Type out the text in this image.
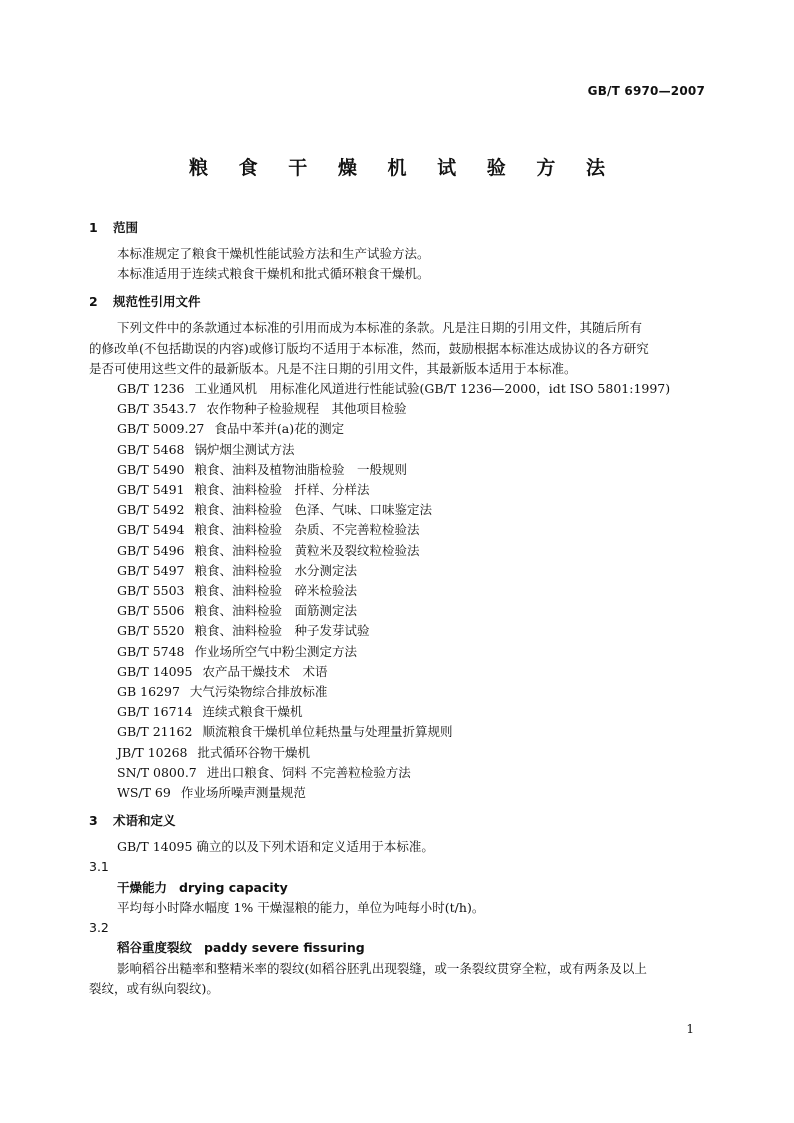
GB/T 6970—2007
粮 食 干 燥 机 试 验 方 法
1 范围
本标准规定了粮食干燥机性能试验方法和生产试验方法。
本标准适用于连续式粮食干燥机和批式循环粮食干燥机。
2 规范性引用文件
下列文件中的条款通过本标准的引用而成为本标准的条款。凡是注日期的引用文件，其随后所有
的修改单(不包括勘误的内容)或修订版均不适用于本标准，然而，鼓励根据本标准达成协议的各方研究
是否可使用这些文件的最新版本。凡是不注日期的引用文件，其最新版本适用于本标准。
GB/T 1236 工业通风机　用标准化风道进行性能试验(GB/T 1236—2000，idt ISO 5801:1997)
GB/T 3543.7 农作物种子检验规程　其他项目检验
GB/T 5009.27 食品中苯并(a)花的测定
GB/T 5468 锅炉烟尘测试方法
GB/T 5490 粮食、油料及植物油脂检验　一般规则
GB/T 5491 粮食、油料检验　扦样、分样法
GB/T 5492 粮食、油料检验　色泽、气味、口味鉴定法
GB/T 5494 粮食、油料检验　杂质、不完善粒检验法
GB/T 5496 粮食、油料检验　黄粒米及裂纹粒检验法
GB/T 5497 粮食、油料检验　水分测定法
GB/T 5503 粮食、油料检验　碎米检验法
GB/T 5506 粮食、油料检验　面筋测定法
GB/T 5520 粮食、油料检验　种子发芽试验
GB/T 5748 作业场所空气中粉尘测定方法
GB/T 14095 农产品干燥技术　术语
GB 16297 大气污染物综合排放标准
GB/T 16714 连续式粮食干燥机
GB/T 21162 顺流粮食干燥机单位耗热量与处理量折算规则
JB/T 10268 批式循环谷物干燥机
SN/T 0800.7 进出口粮食、饲料 不完善粒检验方法
WS/T 69 作业场所噪声测量规范
3 术语和定义
GB/T 14095 确立的以及下列术语和定义适用于本标准。
3.1
干燥能力 drying capacity
平均每小时降水幅度 1% 干燥湿粮的能力，单位为吨每小时(t/h)。
3.2
稻谷重度裂纹 paddy severe fissuring
影响稻谷出糙率和整精米率的裂纹(如稻谷胚乳出现裂缝，或一条裂纹贯穿全粒，或有两条及以上
裂纹，或有纵向裂纹)。
1
